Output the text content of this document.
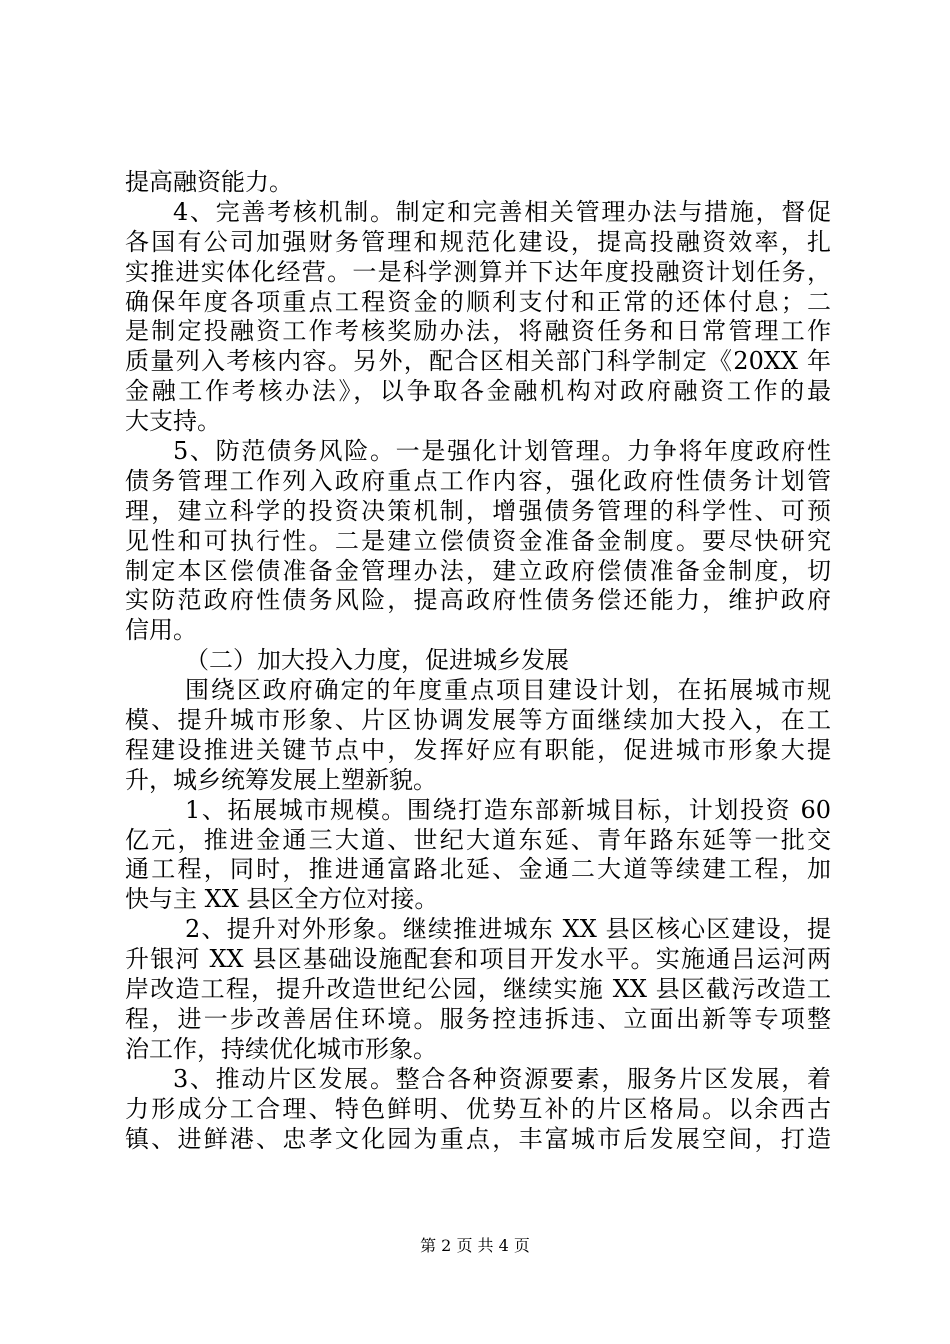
提高融资能力。
4、完善考核机制。制定和完善相关管理办法与措施，督促
各国有公司加强财务管理和规范化建设，提高投融资效率，扎
实推进实体化经营。一是科学测算并下达年度投融资计划任务，
确保年度各项重点工程资金的顺利支付和正常的还体付息；二
是制定投融资工作考核奖励办法，将融资任务和日常管理工作
质量列入考核内容。另外，配合区相关部门科学制定《20XX 年
金融工作考核办法》，以争取各金融机构对政府融资工作的最
大支持。
5、防范债务风险。一是强化计划管理。力争将年度政府性
债务管理工作列入政府重点工作内容，强化政府性债务计划管
理，建立科学的投资决策机制，增强债务管理的科学性、可预
见性和可执行性。二是建立偿债资金准备金制度。要尽快研究
制定本区偿债准备金管理办法，建立政府偿债准备金制度，切
实防范政府性债务风险，提高政府性债务偿还能力，维护政府
信用。
（二）加大投入力度，促进城乡发展
围绕区政府确定的年度重点项目建设计划，在拓展城市规
模、提升城市形象、片区协调发展等方面继续加大投入，在工
程建设推进关键节点中，发挥好应有职能，促进城市形象大提
升，城乡统筹发展上塑新貌。
1、拓展城市规模。围绕打造东部新城目标，计划投资 60
亿元，推进金通三大道、世纪大道东延、青年路东延等一批交
通工程，同时，推进通富路北延、金通二大道等续建工程，加
快与主 XX 县区全方位对接。
2、提升对外形象。继续推进城东 XX 县区核心区建设，提
升银河 XX 县区基础设施配套和项目开发水平。实施通吕运河两
岸改造工程，提升改造世纪公园，继续实施 XX 县区截污改造工
程，进一步改善居住环境。服务控违拆违、立面出新等专项整
治工作，持续优化城市形象。
3、推动片区发展。整合各种资源要素，服务片区发展，着
力形成分工合理、特色鲜明、优势互补的片区格局。以余西古
镇、进鲜港、忠孝文化园为重点，丰富城市后发展空间，打造
第 2 页 共 4 页
